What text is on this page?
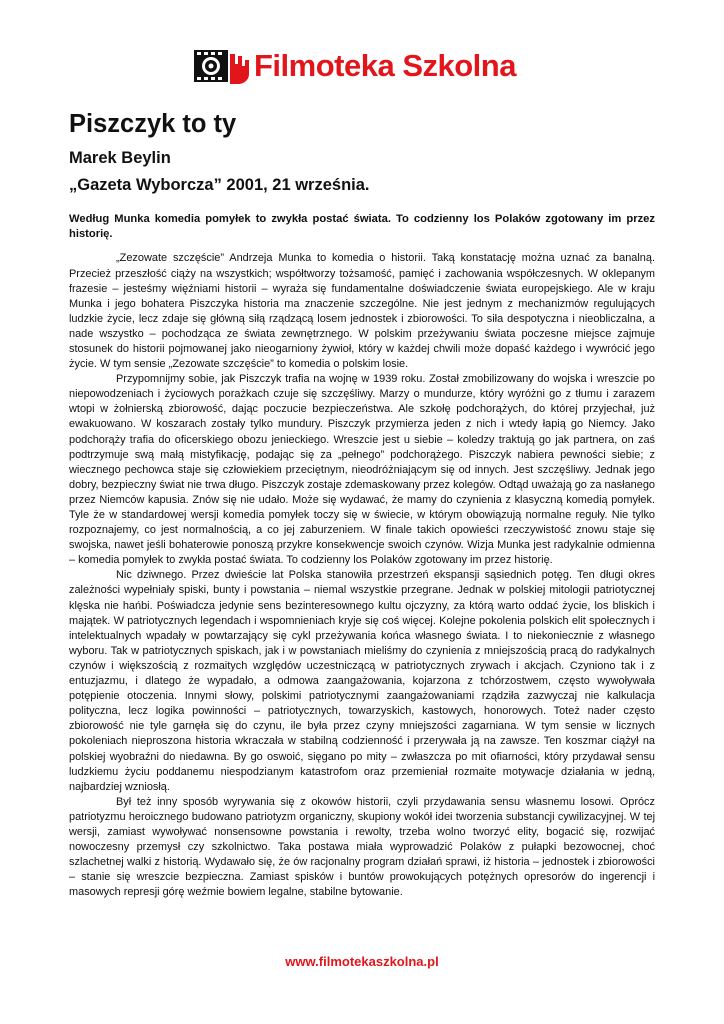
Filmoteka Szkolna
Piszczyk to ty
Marek Beylin
„Gazeta Wyborcza” 2001, 21 września.

Według Munka komedia pomyłek to zwykła postać świata. To codzienny los Polaków zgotowany im przez historię.

„Zezowate szczęście” Andrzeja Munka to komedia o historii. Taką konstatację można uznać za banalną. Przecież przeszłość ciąży na wszystkich; współtworzy tożsamość, pamięć i zachowania współczesnych. W oklepanym frazesie – jesteśmy więźniami historii – wyraża się fundamentalne doświadczenie świata europejskiego. Ale w kraju Munka i jego bohatera Piszczyka historia ma znaczenie szczególne. Nie jest jednym z mechanizmów regulujących ludzkie życie, lecz zdaje się główną siłą rządzącą losem jednostek i zbiorowości. To siła despotyczna i nieobliczalna, a nade wszystko – pochodząca ze świata zewnętrznego. W polskim przeżywaniu świata poczesne miejsce zajmuje stosunek do historii pojmowanej jako nieogarniony żywioł, który w każdej chwili może dopaść każdego i wywrócić jego życie. W tym sensie „Zezowate szczęście” to komedia o polskim losie.

Przypomnijmy sobie, jak Piszczyk trafia na wojnę w 1939 roku. Został zmobilizowany do wojska i wreszcie po niepowodzeniach i życiowych porażkach czuje się szczęśliwy. Marzy o mundurze, który wyróżni go z tłumu i zarazem wtopi w żołnierską zbiorowość, dając poczucie bezpieczeństwa. Ale szkołę podchorążych, do której przyjechał, już ewakuowano. W koszarach zostały tylko mundury. Piszczyk przymierza jeden z nich i wtedy łapią go Niemcy. Jako podchorąży trafia do oficerskiego obozu jenieckiego. Wreszcie jest u siebie – koledzy traktują go jak partnera, on zaś podtrzymuje swą małą mistyfikację, podając się za „pełnego” podchorążego. Piszczyk nabiera pewności siebie; z wiecznego pechowca staje się człowiekiem przeciętnym, nieodróżniającym się od innych. Jest szczęśliwy. Jednak jego dobry, bezpieczny świat nie trwa długo. Piszczyk zostaje zdemaskowany przez kolegów. Odtąd uważają go za nasłanego przez Niemców kapusia. Znów się nie udało. Może się wydawać, że mamy do czynienia z klasyczną komedią pomyłek. Tyle że w standardowej wersji komedia pomyłek toczy się w świecie, w którym obowiązują normalne reguły. Nie tylko rozpoznajemy, co jest normalnością, a co jej zaburzeniem. W finale takich opowieści rzeczywistość znowu staje się swojska, nawet jeśli bohaterowie ponoszą przykre konsekwencje swoich czynów. Wizja Munka jest radykalnie odmienna – komedia pomyłek to zwykła postać świata. To codzienny los Polaków zgotowany im przez historię.

Nic dziwnego. Przez dwieście lat Polska stanowiła przestrzeń ekspansji sąsiednich potęg. Ten długi okres zależności wypełniały spiski, bunty i powstania – niemal wszystkie przegrane. Jednak w polskiej mitologii patriotycznej klęska nie hańbi. Poświadcza jedynie sens bezinteresownego kultu ojczyzny, za którą warto oddać życie, los bliskich i majątek. W patriotycznych legendach i wspomnieniach kryje się coś więcej. Kolejne pokolenia polskich elit społecznych i intelektualnych wpadały w powtarzający się cykl przeżywania końca własnego świata. I to niekoniecznie z własnego wyboru. Tak w patriotycznych spiskach, jak i w powstaniach mieliśmy do czynienia z mniejszością pracą do radykalnych czynów i większością z rozmaitych względów uczestniczącą w patriotycznych zrywach i akcjach. Czyniono tak i z entuzjazmu, i dlatego że wypadało, a odmowa zaangażowania, kojarzona z tchórzostwem, często wywoływała potępienie otoczenia. Innymi słowy, polskimi patriotycznymi zaangażowaniami rządziła zazwyczaj nie kalkulacja polityczna, lecz logika powinności – patriotycznych, towarzyskich, kastowych, honorowych. Toteż nader często zbiorowość nie tyle garnęła się do czynu, ile była przez czyny mniejszości zagarniana. W tym sensie w licznych pokoleniach nieproszona historia wkraczała w stabilną codzienność i przerywała ją na zawsze. Ten koszmar ciążył na polskiej wyobraźni do niedawna. By go oswoić, sięgano po mity – zwłaszcza po mit ofiarności, który przydawał sensu ludzkiemu życiu poddanemu niespodzianym katastrofom oraz przemieniał rozmaite motywacje działania w jedną, najbardziej wzniosłą.

Był też inny sposób wyrywania się z okowów historii, czyli przydawania sensu własnemu losowi. Oprócz patriotyzmu heroicznego budowano patriotyzm organiczny, skupiony wokół idei tworzenia substancji cywilizacyjnej. W tej wersji, zamiast wywoływać nonsensowne powstania i rewolty, trzeba wolno tworzyć elity, bogacić się, rozwijać nowoczesny przemysł czy szkolnictwo. Taka postawa miała wyprowadzić Polaków z pułapki bezowocnej, choć szlachetnej walki z historią. Wydawało się, że ów racjonalny program działań sprawi, iż historia – jednostek i zbiorowości – stanie się wreszcie bezpieczna. Zamiast spisków i buntów prowokujących potężnych opresorów do ingerencji i masowych represji górę weźmie bowiem legalne, stabilne bytowanie.

www.filmotekaszkolna.pl
